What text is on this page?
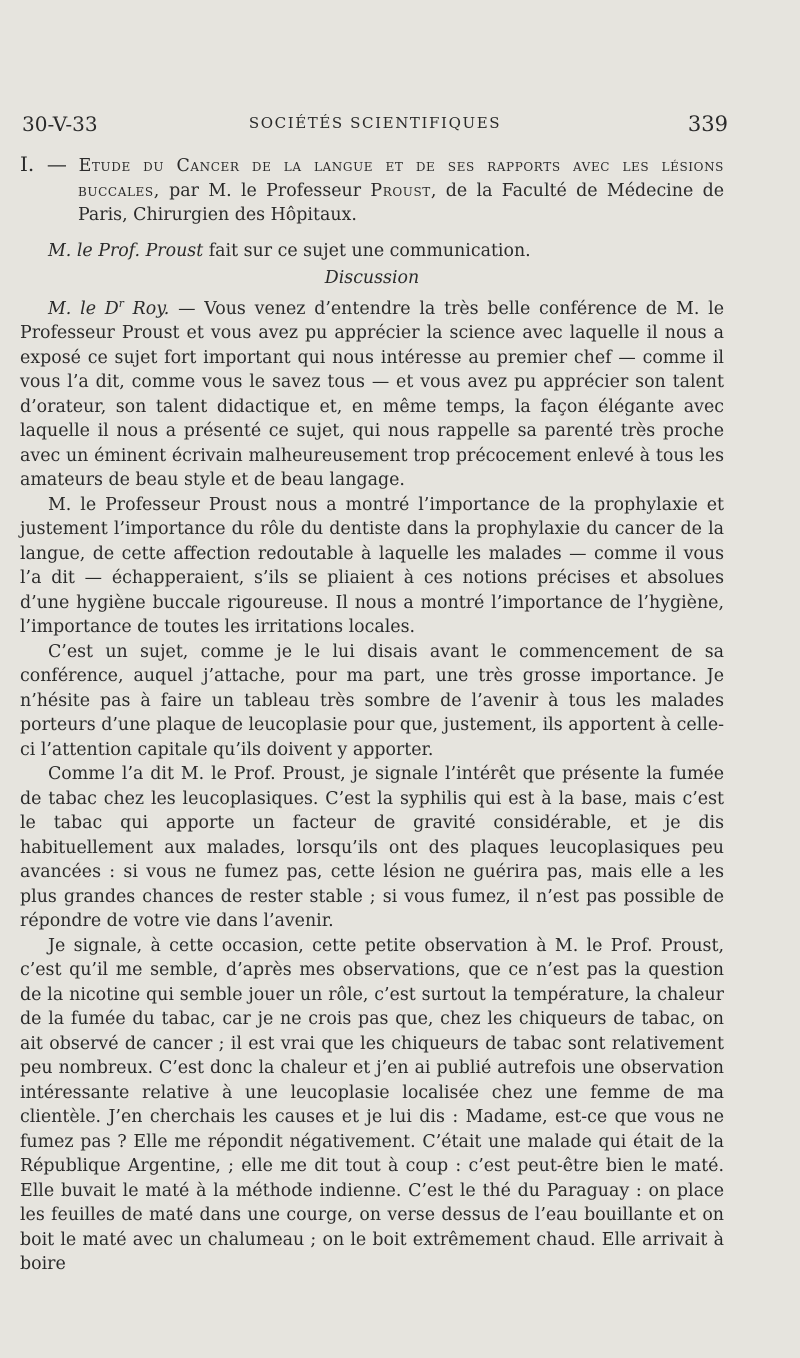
30-V-33	SOCIÉTÉS SCIENTIFIQUES	339

I. — Etude du Cancer de la langue et de ses rapports avec les lésions buccales, par M. le Professeur Proust, de la Faculté de Médecine de Paris, Chirurgien des Hôpitaux.

M. le Prof. Proust fait sur ce sujet une communication.

Discussion

M. le $D^r$ Roy. — Vous venez d’entendre la très belle conférence de M. le Professeur Proust et vous avez pu apprécier la science avec laquelle il nous a exposé ce sujet fort important qui nous intéresse au premier chef — comme il vous l’a dit, comme vous le savez tous — et vous avez pu apprécier son talent d’orateur, son talent didactique et, en même temps, la façon élégante avec laquelle il nous a présenté ce sujet, qui nous rappelle sa parenté très proche avec un éminent écrivain malheureusement trop précocement enlevé à tous les amateurs de beau style et de beau langage.

M. le Professeur Proust nous a montré l’importance de la prophylaxie et justement l’importance du rôle du dentiste dans la prophylaxie du cancer de la langue, de cette affection redoutable à laquelle les malades — comme il vous l’a dit — échapperaient, s’ils se pliaient à ces notions précises et absolues d’une hygiène buccale rigoureuse. Il nous a montré l’importance de l’hygiène, l’importance de toutes les irritations locales.

C’est un sujet, comme je le lui disais avant le commencement de sa conférence, auquel j’attache, pour ma part, une très grosse importance. Je n’hésite pas à faire un tableau très sombre de l’avenir à tous les malades porteurs d’une plaque de leucoplasie pour que, justement, ils apportent à celle-ci l’attention capitale qu’ils doivent y apporter.

Comme l’a dit M. le Prof. Proust, je signale l’intérêt que présente la fumée de tabac chez les leucoplasiques. C’est la syphilis qui est à la base, mais c’est le tabac qui apporte un facteur de gravité considérable, et je dis habituellement aux malades, lorsqu’ils ont des plaques leucoplasiques peu avancées : si vous ne fumez pas, cette lésion ne guérira pas, mais elle a les plus grandes chances de rester stable ; si vous fumez, il n’est pas possible de répondre de votre vie dans l’avenir.

Je signale, à cette occasion, cette petite observation à M. le Prof. Proust, c’est qu’il me semble, d’après mes observations, que ce n’est pas la question de la nicotine qui semble jouer un rôle, c’est surtout la température, la chaleur de la fumée du tabac, car je ne crois pas que, chez les chiqueurs de tabac, on ait observé de cancer ; il est vrai que les chiqueurs de tabac sont relativement peu nombreux. C’est donc la chaleur et j’en ai publié autrefois une observation intéressante relative à une leucoplasie localisée chez une femme de ma clientèle. J’en cherchais les causes et je lui dis : Madame, est-ce que vous ne fumez pas ? Elle me répondit négativement. C’était une malade qui était de la République Argentine, ; elle me dit tout à coup : c’est peut-être bien le maté. Elle buvait le maté à la méthode indienne. C’est le thé du Paraguay : on place les feuilles de maté dans une courge, on verse dessus de l’eau bouillante et on boit le maté avec un chalumeau ; on le boit extrêmement chaud. Elle arrivait à boire
